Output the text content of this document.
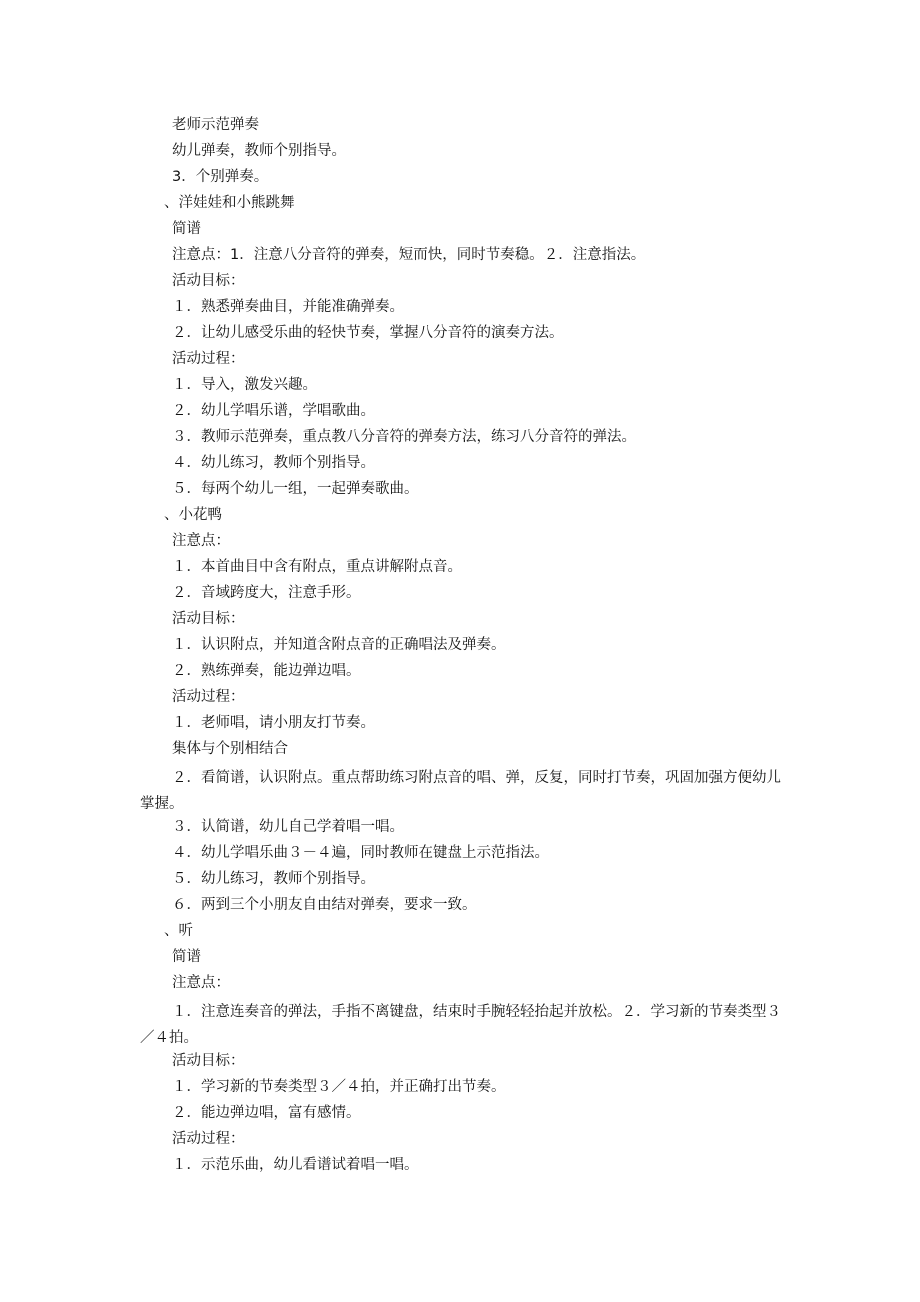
老师示范弹奏
幼儿弹奏，教师个别指导。
3．个别弹奏。
、洋娃娃和小熊跳舞
简谱
注意点：1．注意八分音符的弹奏，短而快，同时节奏稳。２．注意指法。
活动目标：
１．熟悉弹奏曲目，并能准确弹奏。
２．让幼儿感受乐曲的轻快节奏，掌握八分音符的演奏方法。
活动过程：
１．导入，激发兴趣。
２．幼儿学唱乐谱，学唱歌曲。
３．教师示范弹奏，重点教八分音符的弹奏方法，练习八分音符的弹法。
４．幼儿练习，教师个别指导。
５．每两个幼儿一组，一起弹奏歌曲。
、小花鸭
注意点：
１．本首曲目中含有附点，重点讲解附点音。
２．音域跨度大，注意手形。
活动目标：
１．认识附点，并知道含附点音的正确唱法及弹奏。
２．熟练弹奏，能边弹边唱。
活动过程：
１．老师唱，请小朋友打节奏。
集体与个别相结合
２．看简谱，认识附点。重点帮助练习附点音的唱、弹，反复，同时打节奏，巩固加强方便幼儿掌握。
３．认简谱，幼儿自己学着唱一唱。
４．幼儿学唱乐曲３－４遍，同时教师在键盘上示范指法。
５．幼儿练习，教师个别指导。
６．两到三个小朋友自由结对弹奏，要求一致。
、听
简谱
注意点：
１．注意连奏音的弹法，手指不离键盘，结束时手腕轻轻抬起并放松。２．学习新的节奏类型３／４拍。
活动目标：
１．学习新的节奏类型３／４拍，并正确打出节奏。
２．能边弹边唱，富有感情。
活动过程：
１．示范乐曲，幼儿看谱试着唱一唱。
